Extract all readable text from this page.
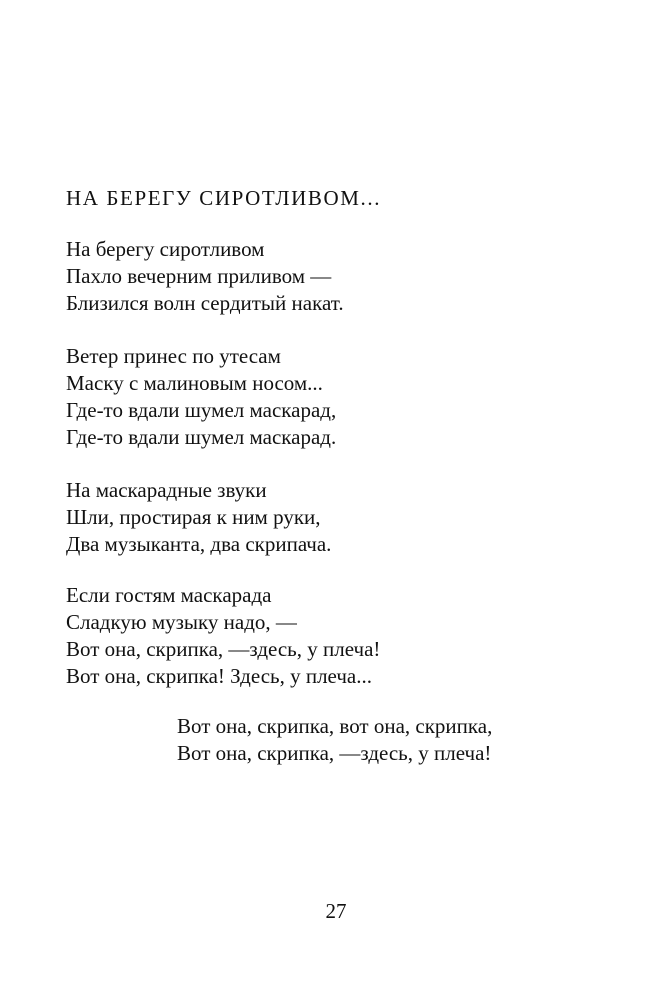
НА БЕРЕГУ СИРОТЛИВОМ...
На берегу сиротливом
Пахло вечерним приливом —
Близился волн сердитый накат.
Ветер принес по утесам
Маску с малиновым носом...
Где-то вдали шумел маскарад,
Где-то вдали шумел маскарад.
На маскарадные звуки
Шли, простирая к ним руки,
Два музыканта, два скрипача.
Если гостям маскарада
Сладкую музыку надо, —
Вот она, скрипка, —здесь, у плеча!
Вот она, скрипка! Здесь, у плеча...
Вот она, скрипка, вот она, скрипка,
Вот она, скрипка, —здесь, у плеча!
27
